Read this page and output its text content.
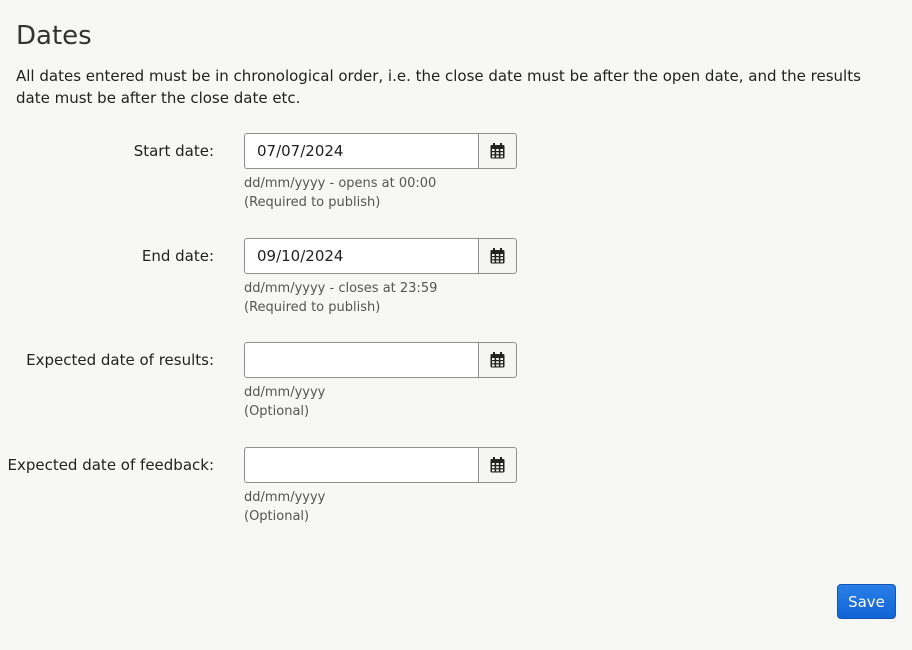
Dates

All dates entered must be in chronological order, i.e. the close date must be after the open date, and the results date must be after the close date etc.

Start date:
07/07/2024
dd/mm/yyyy - opens at 00:00
(Required to publish)
End date:
09/10/2024
dd/mm/yyyy - closes at 23:59
(Required to publish)
Expected date of results:
dd/mm/yyyy
(Optional)
Expected date of feedback:
dd/mm/yyyy
(Optional)
Save
